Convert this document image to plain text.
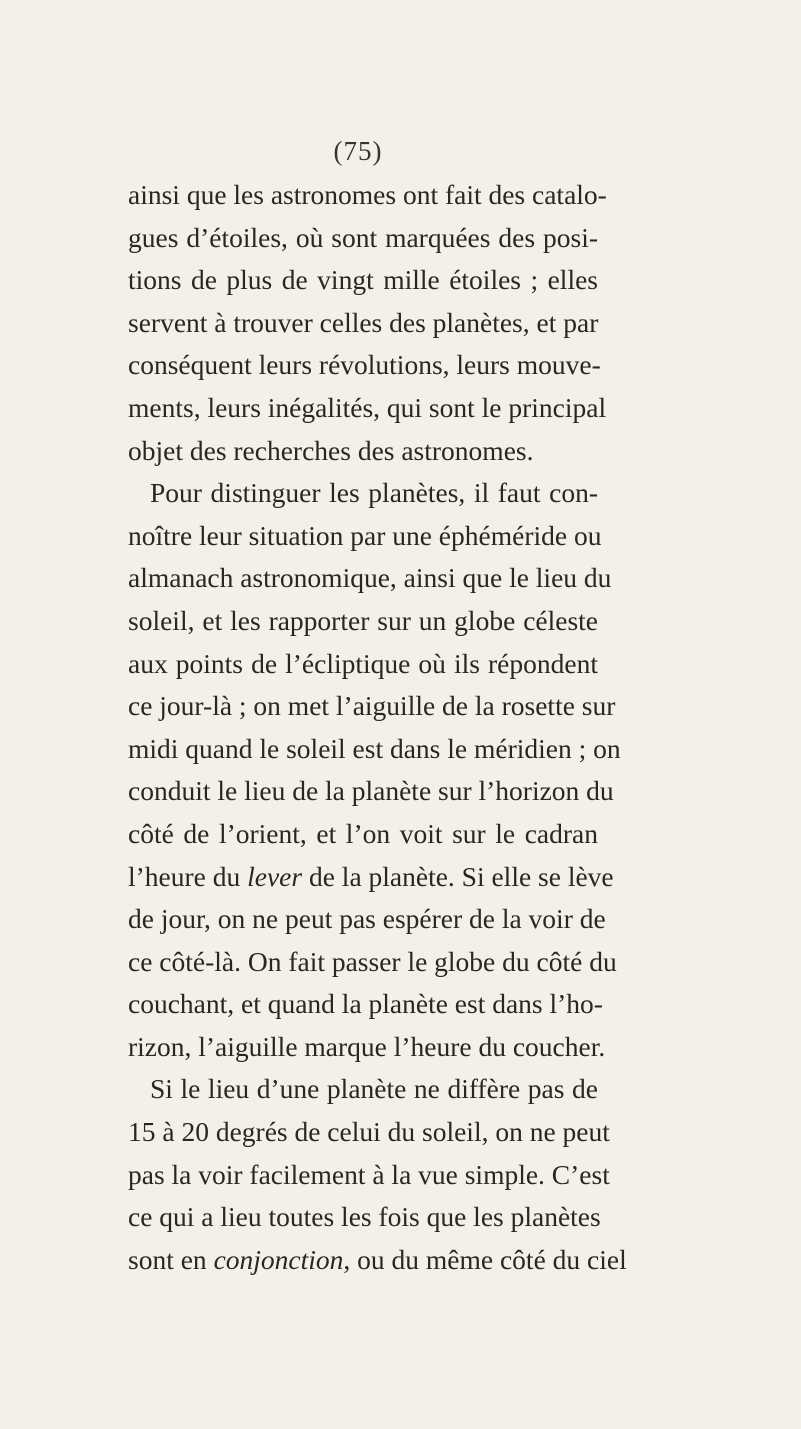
(75)
ainsi que les astronomes ont fait des catalo-
gues d’étoiles, où sont marquées des posi-
tions de plus de vingt mille étoiles ; elles
servent à trouver celles des planètes, et par
conséquent leurs révolutions, leurs mouve-
ments, leurs inégalités, qui sont le principal
objet des recherches des astronomes.
Pour distinguer les planètes, il faut con-
noître leur situation par une éphéméride ou
almanach astronomique, ainsi que le lieu du
soleil, et les rapporter sur un globe céleste
aux points de l’écliptique où ils répondent
ce jour-là ; on met l’aiguille de la rosette sur
midi quand le soleil est dans le méridien ; on
conduit le lieu de la planète sur l’horizon du
côté de l’orient, et l’on voit sur le cadran
l’heure du lever de la planète. Si elle se lève
de jour, on ne peut pas espérer de la voir de
ce côté-là. On fait passer le globe du côté du
couchant, et quand la planète est dans l’ho-
rizon, l’aiguille marque l’heure du coucher.
Si le lieu d’une planète ne diffère pas de
15 à 20 degrés de celui du soleil, on ne peut
pas la voir facilement à la vue simple. C’est
ce qui a lieu toutes les fois que les planètes
sont en conjonction, ou du même côté du ciel
